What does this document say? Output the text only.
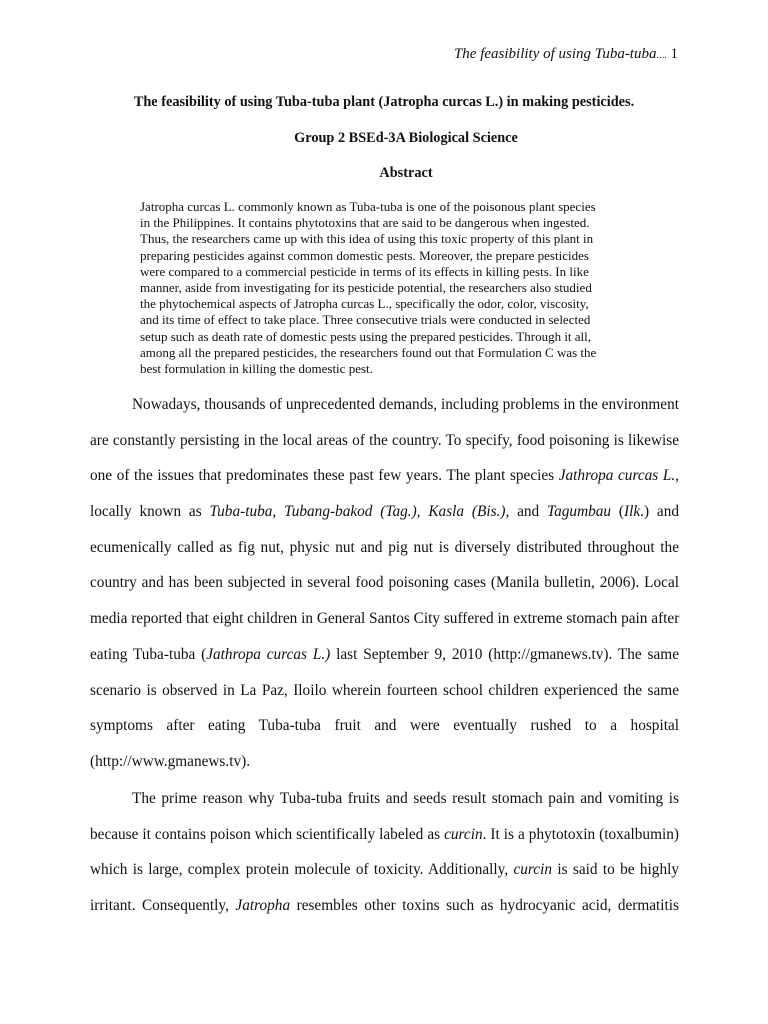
The feasibility of using Tuba-tuba…. 1
The feasibility of using Tuba-tuba plant (Jatropha curcas L.) in making pesticides.
Group 2 BSEd-3A Biological Science
Abstract

Jatropha curcas L. commonly known as Tuba-tuba is one of the poisonous plant species
in the Philippines. It contains phytotoxins that are said to be dangerous when ingested.
Thus, the researchers came up with this idea of using this toxic property of this plant in
preparing pesticides against common domestic pests. Moreover, the prepare pesticides
were compared to a commercial pesticide in terms of its effects in killing pests. In like
manner, aside from investigating for its pesticide potential, the researchers also studied
the phytochemical aspects of Jatropha curcas L., specifically the odor, color, viscosity,
and its time of effect to take place. Three consecutive trials were conducted in selected
setup such as death rate of domestic pests using the prepared pesticides. Through it all,
among all the prepared pesticides, the researchers found out that Formulation C was the
best formulation in killing the domestic pest.

Nowadays, thousands of unprecedented demands, including problems in the environment
are constantly persisting in the local areas of the country. To specify, food poisoning is likewise
one of the issues that predominates these past few years. The plant species Jathropa curcas L.,
locally known as Tuba-tuba, Tubang-bakod (Tag.), Kasla (Bis.), and Tagumbau (Ilk.) and
ecumenically called as fig nut, physic nut and pig nut is diversely distributed throughout the
country and has been subjected in several food poisoning cases (Manila bulletin, 2006). Local
media reported that eight children in General Santos City suffered in extreme stomach pain after
eating Tuba-tuba (Jathropa curcas L.) last September 9, 2010 (http://gmanews.tv). The same
scenario is observed in La Paz, Iloilo wherein fourteen school children experienced the same
symptoms after eating Tuba-tuba fruit and were eventually rushed to a hospital
(http://www.gmanews.tv).

The prime reason why Tuba-tuba fruits and seeds result stomach pain and vomiting is
because it contains poison which scientifically labeled as curcin. It is a phytotoxin (toxalbumin)
which is large, complex protein molecule of toxicity. Additionally, curcin is said to be highly
irritant. Consequently, Jatropha resembles other toxins such as hydrocyanic acid, dermatitis
